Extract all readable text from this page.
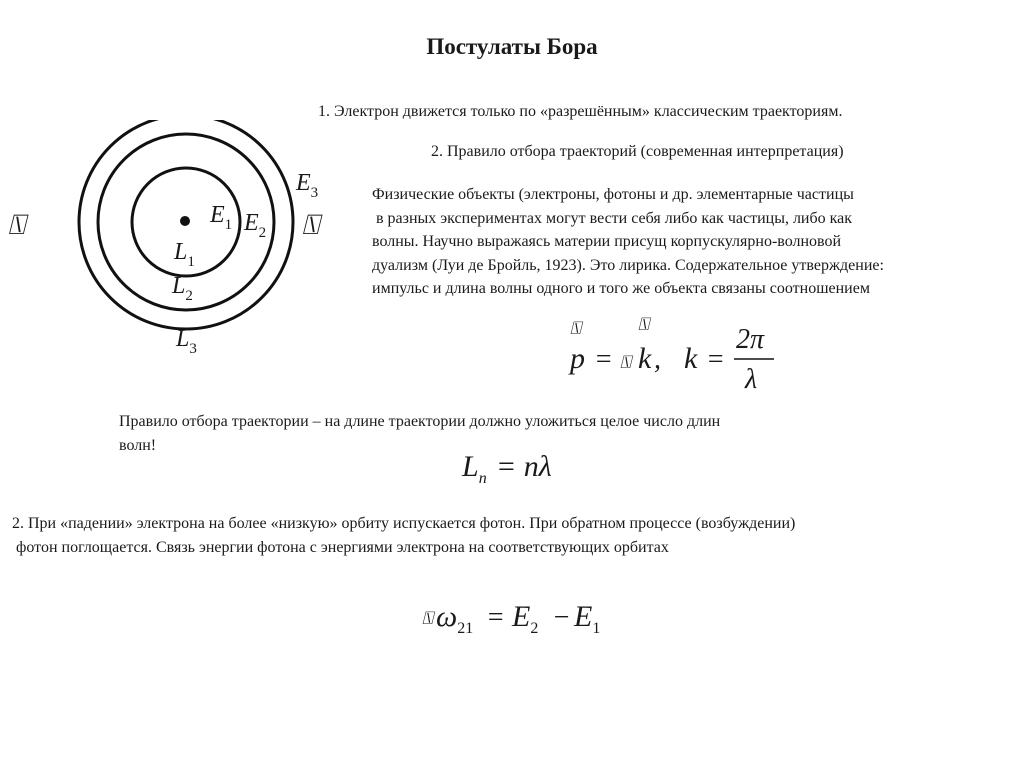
Постулаты Бора
1. Электрон движется только по «разрешённым» классическим траекториям.
2. Правило отбора траекторий (современная интерпретация)
Физические объекты (электроны, фотоны и др. элементарные частицы
в разных экспериментах могут вести себя либо как частицы, либо как
волны. Научно выражаясь материи присущ корпускулярно-волновой
дуализм (Луи де Бройль, 1923). Это лирика. Содержательное утверждение:
импульс и длина волны одного и того же объекта связаны соотношением
$E_3$
$E_1$ $E_2$
$L_1$
$L_2$
$L_3$
⍂	⍂
⍂	⍂
p = ⍂ k , k =
2π
λ
Правило отбора траектории – на длине траектории должно уложиться целое число длин
волн!
$L_n = n\lambda$
2. При «падении» электрона на более «низкую» орбиту испускается фотон. При обратном процессе (возбуждении)
фотон поглощается. Связь энергии фотона с энергиями электрона на соответствующих орбитах
⍂ $\omega_{21} = E_2 - E_1$
